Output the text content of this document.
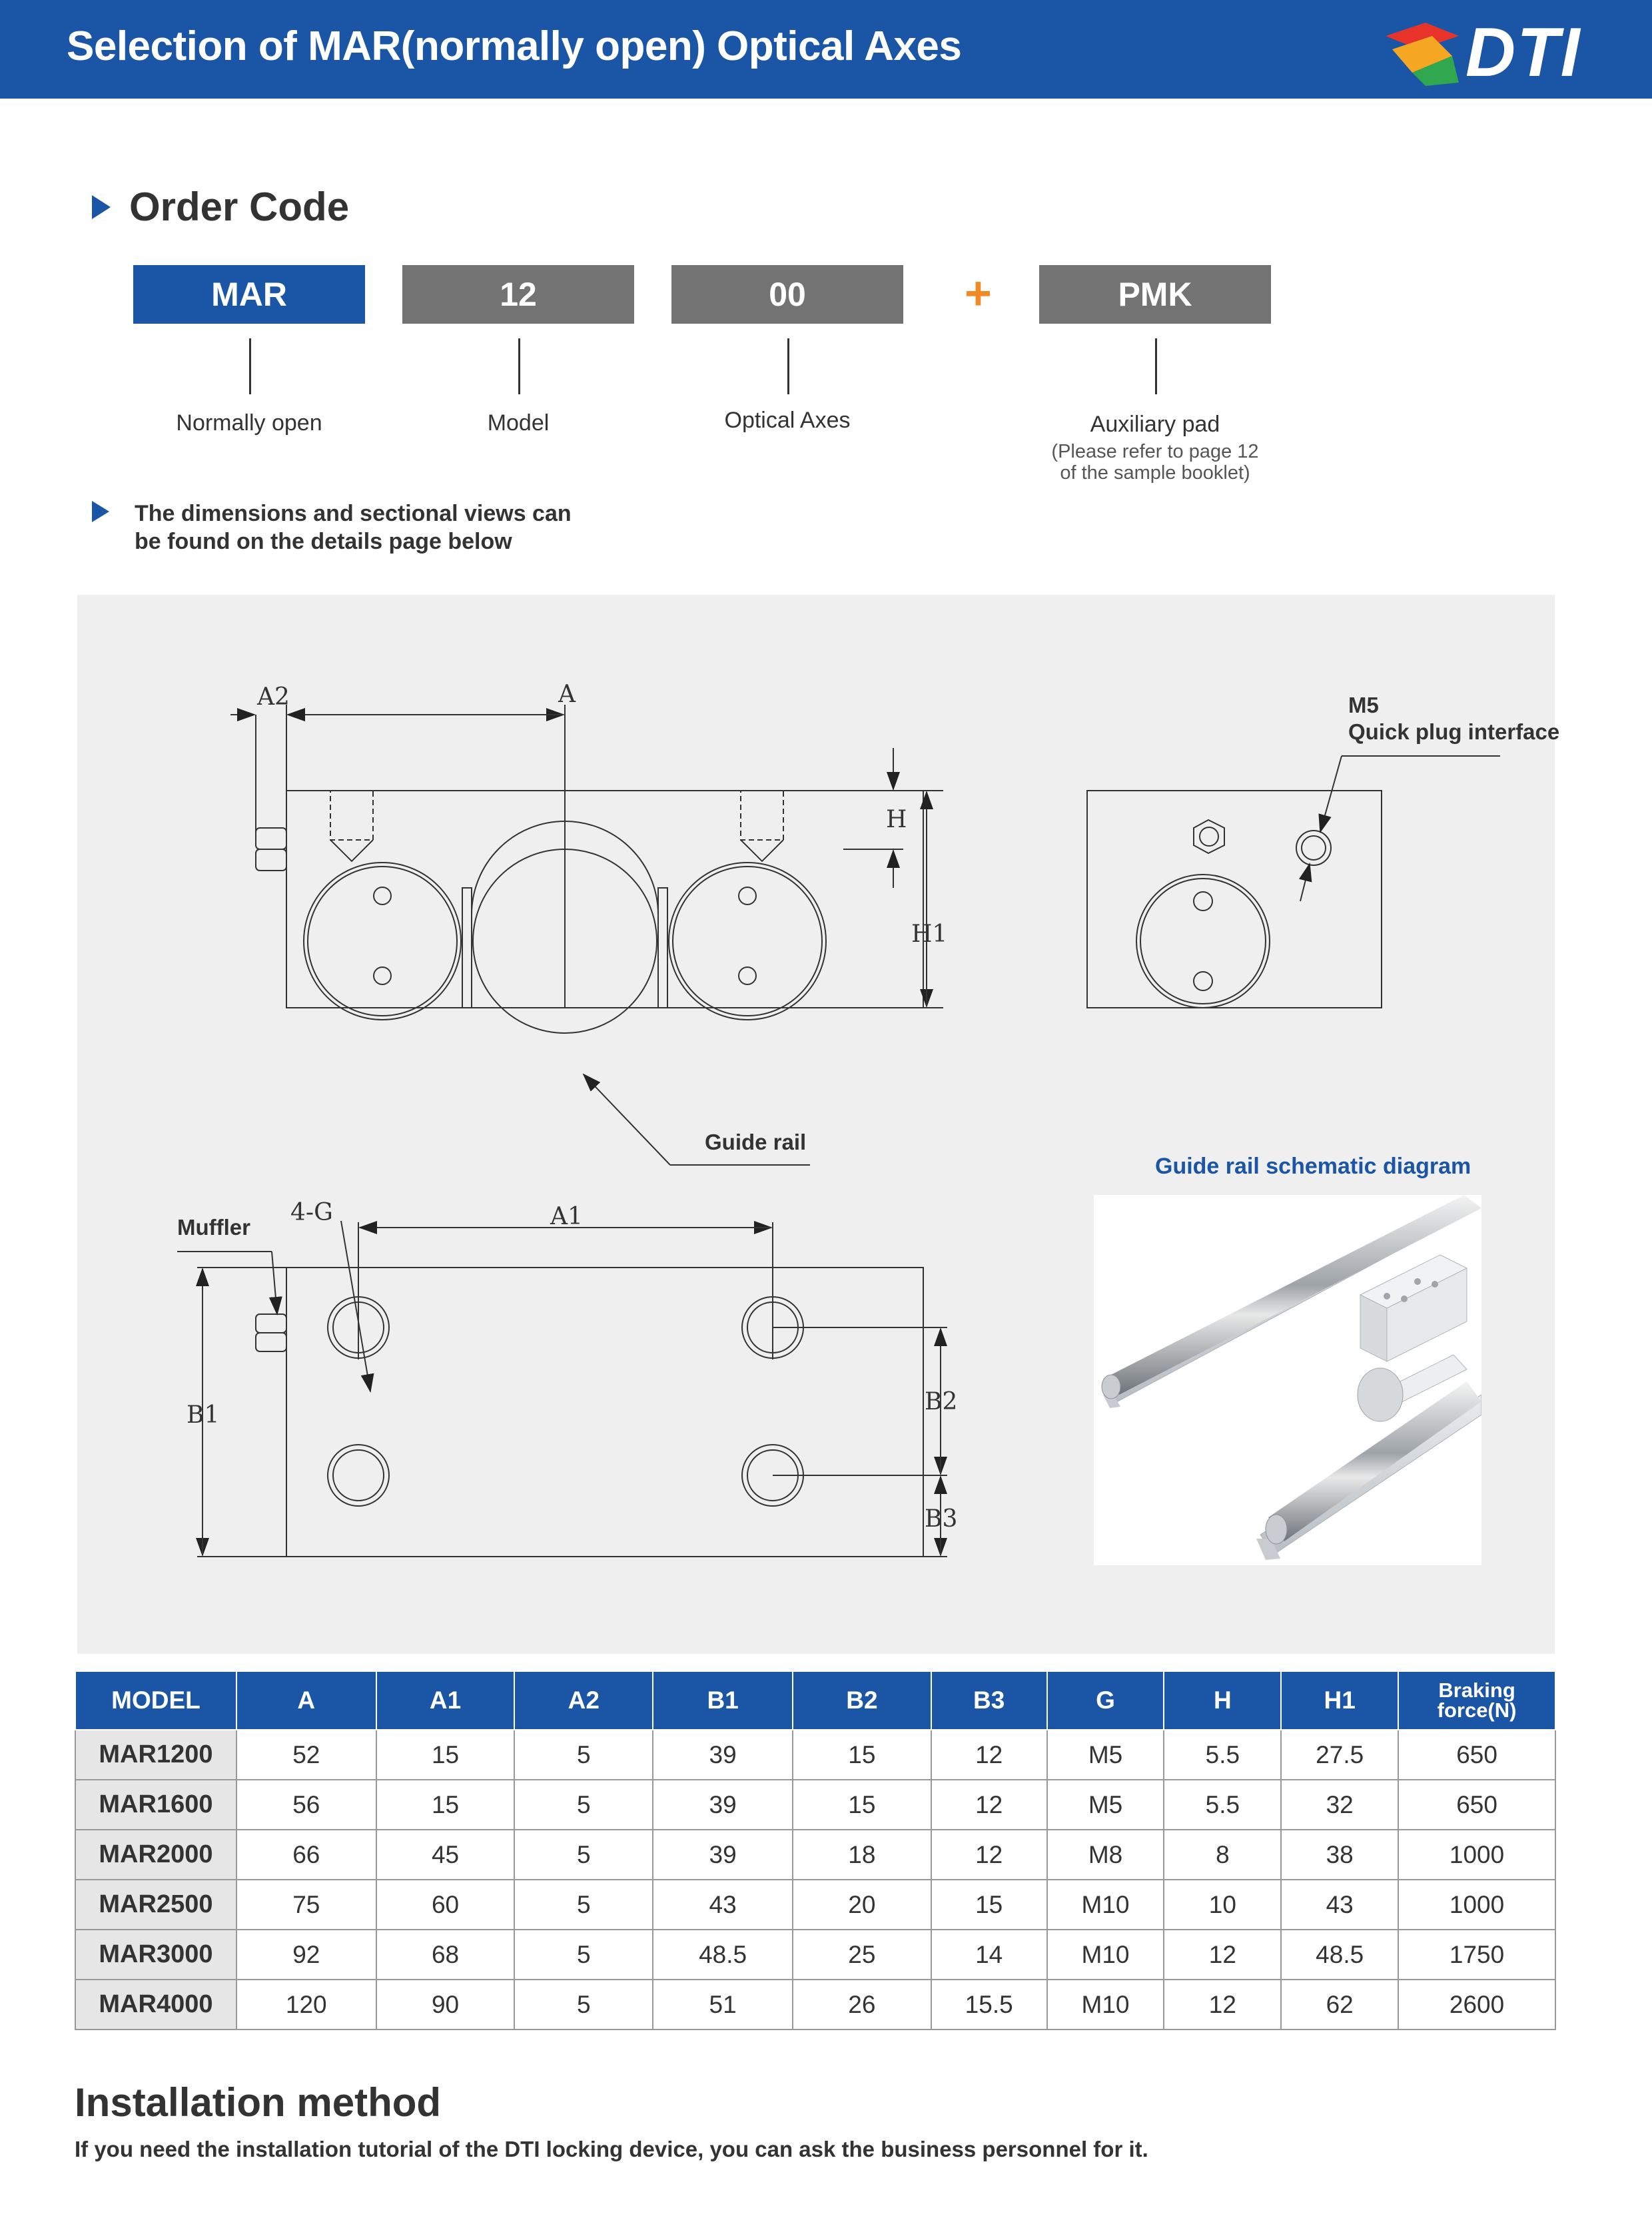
Selection of MAR(normally open) Optical Axes	DTI
Order Code
MAR	12	00	+	PMK
Normally open	Model	Optical Axes	Auxiliary pad
(Please refer to page 12
of the sample booklet)
The dimensions and sectional views can
be found on the details page below
A2	A
H
H1
M5
Quick plug interface
Guide rail
Guide rail schematic diagram
Muffler
4-G	A1
B1	B2
B3
MODEL	A	A1	A2	B1	B2	B3	G	H	H1	Braking
force(N)

MAR1200	52	15	5	39	15	12	M5	5.5	27.5	650
MAR1600	56	15	5	39	15	12	M5	5.5	32	650
MAR2000	66	45	5	39	18	12	M8	8	38	1000
MAR2500	75	60	5	43	20	15	M10	10	43	1000
MAR3000	92	68	5	48.5	25	14	M10	12	48.5	1750
MAR4000	120	90	5	51	26	15.5	M10	12	62	2600
Installation method
If you need the installation tutorial of the DTI locking device, you can ask the business personnel for it.
